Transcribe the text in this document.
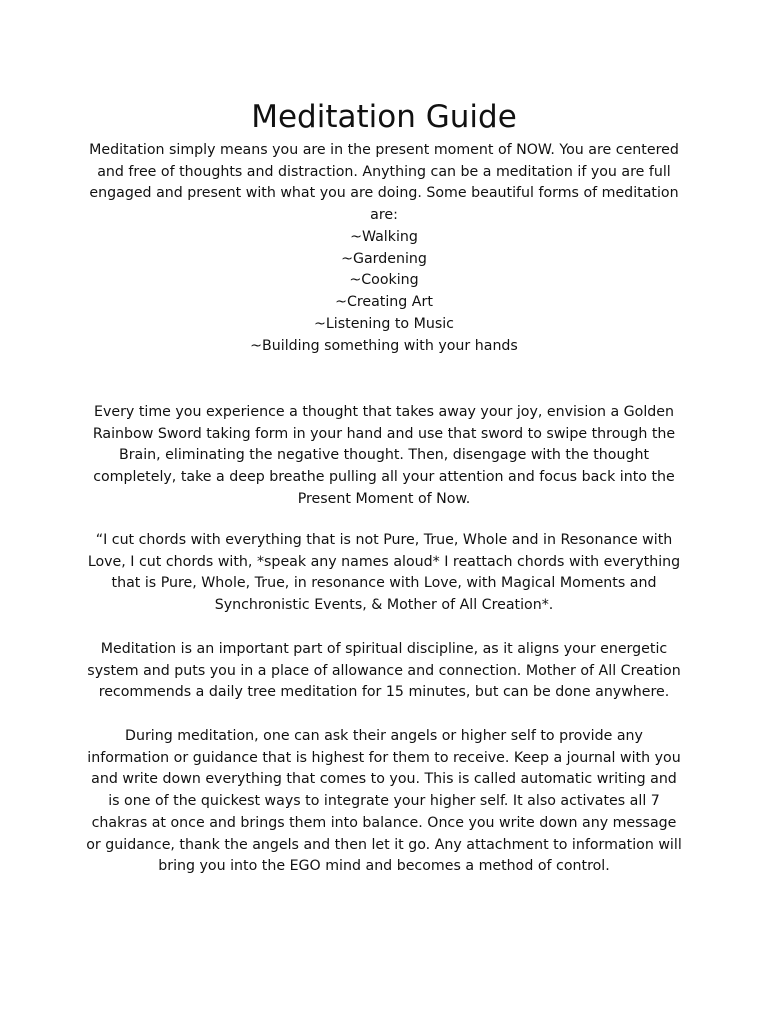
Meditation Guide

Meditation simply means you are in the present moment of NOW. You are centered and free of thoughts and distraction. Anything can be a meditation if you are full engaged and present with what you are doing. Some beautiful forms of meditation are:

~Walking
~Gardening
~Cooking
~Creating Art
~Listening to Music
~Building something with your hands

Every time you experience a thought that takes away your joy, envision a Golden Rainbow Sword taking form in your hand and use that sword to swipe through the Brain, eliminating the negative thought. Then, disengage with the thought completely, take a deep breathe pulling all your attention and focus back into the Present Moment of Now.

“I cut chords with everything that is not Pure, True, Whole and in Resonance with Love, I cut chords with, *speak any names aloud* I reattach chords with everything that is Pure, Whole, True, in resonance with Love, with Magical Moments and Synchronistic Events, & Mother of All Creation*.

Meditation is an important part of spiritual discipline, as it aligns your energetic system and puts you in a place of allowance and connection. Mother of All Creation recommends a daily tree meditation for 15 minutes, but can be done anywhere.

During meditation, one can ask their angels or higher self to provide any information or guidance that is highest for them to receive. Keep a journal with you and write down everything that comes to you. This is called automatic writing and is one of the quickest ways to integrate your higher self. It also activates all 7 chakras at once and brings them into balance. Once you write down any message or guidance, thank the angels and then let it go. Any attachment to information will bring you into the EGO mind and becomes a method of control.
